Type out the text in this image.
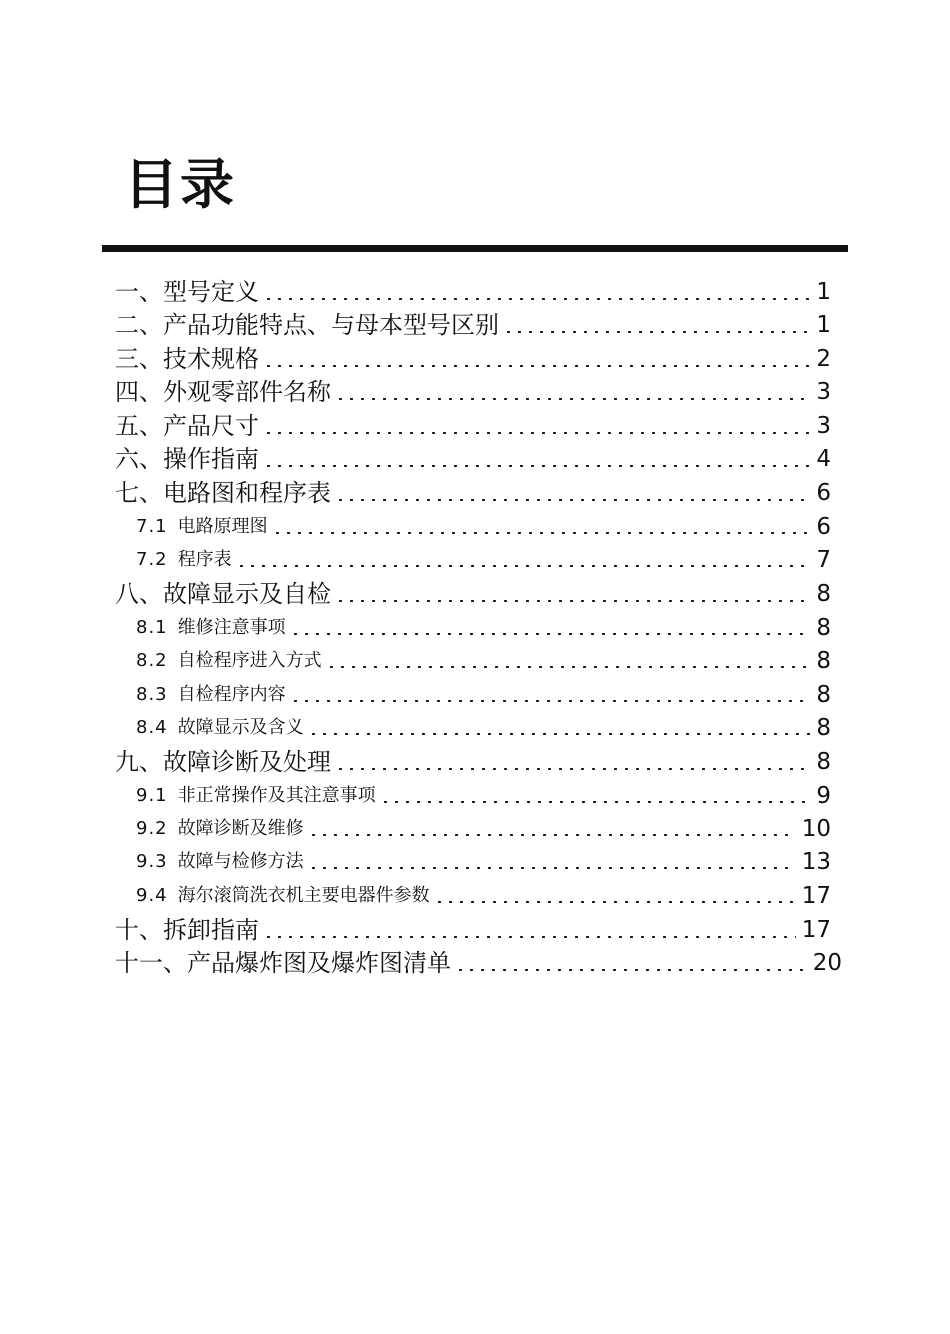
目录
一、型号定义	1
二、产品功能特点、与母本型号区别	1
三、技术规格	2
四、外观零部件名称	3
五、产品尺寸	3
六、操作指南	4
七、电路图和程序表	6
7.1 电路原理图	6
7.2 程序表	7
八、故障显示及自检	8
8.1 维修注意事项	8
8.2 自检程序进入方式	8
8.3 自检程序内容	8
8.4 故障显示及含义	8
九、故障诊断及处理	8
9.1 非正常操作及其注意事项	9
9.2 故障诊断及维修	10
9.3 故障与检修方法	13
9.4 海尔滚筒洗衣机主要电器件参数	17
十、拆卸指南	17
十一、产品爆炸图及爆炸图清单	20
